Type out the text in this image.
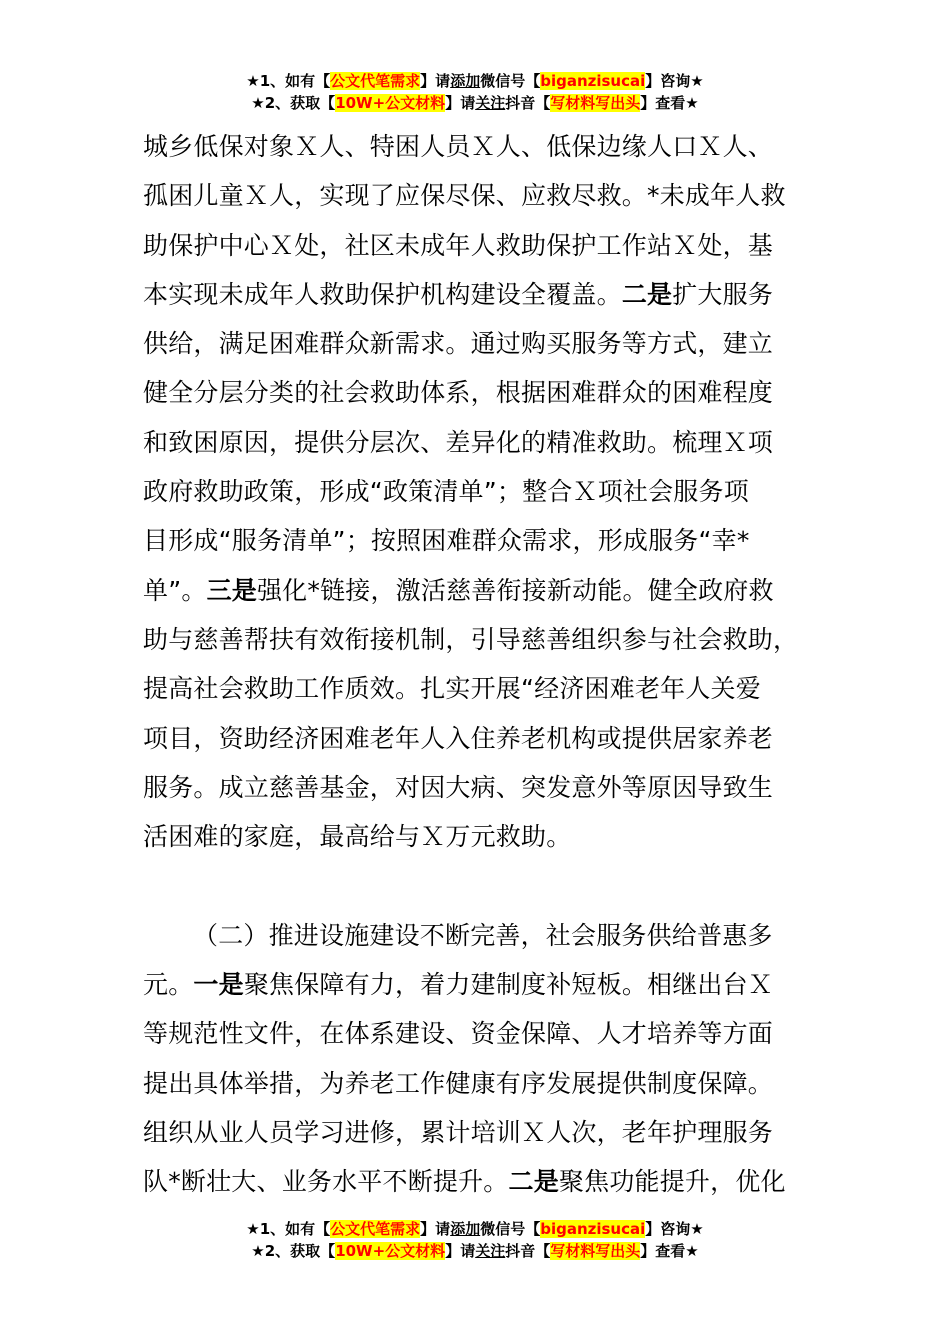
★1、如有【公文代笔需求】请添加微信号【biganzisucai】咨询★
★2、获取【10W+公文材料】请关注抖音【写材料写出头】查看★
城乡低保对象Ｘ人、特困人员Ｘ人、低保边缘人口Ｘ人、
孤困儿童Ｘ人，实现了应保尽保、应救尽救。*未成年人救
助保护中心Ｘ处，社区未成年人救助保护工作站Ｘ处，基
本实现未成年人救助保护机构建设全覆盖。二是扩大服务
供给，满足困难群众新需求。通过购买服务等方式，建立
健全分层分类的社会救助体系，根据困难群众的困难程度
和致困原因，提供分层次、差异化的精准救助。梳理Ｘ项
政府救助政策，形成“政策清单”；整合Ｘ项社会服务项
目形成“服务清单”；按照困难群众需求，形成服务“幸*
单”。三是强化*链接，激活慈善衔接新动能。健全政府救
助与慈善帮扶有效衔接机制，引导慈善组织参与社会救助，
提高社会救助工作质效。扎实开展“经济困难老年人关爱
项目，资助经济困难老年人入住养老机构或提供居家养老
服务。成立慈善基金，对因大病、突发意外等原因导致生
活困难的家庭，最高给与Ｘ万元救助。
（二）推进设施建设不断完善，社会服务供给普惠多
元。一是聚焦保障有力，着力建制度补短板。相继出台Ｘ
等规范性文件，在体系建设、资金保障、人才培养等方面
提出具体举措，为养老工作健康有序发展提供制度保障。
组织从业人员学习进修，累计培训Ｘ人次，老年护理服务
队*断壮大、业务水平不断提升。二是聚焦功能提升，优化
★1、如有【公文代笔需求】请添加微信号【biganzisucai】咨询★
★2、获取【10W+公文材料】请关注抖音【写材料写出头】查看★
